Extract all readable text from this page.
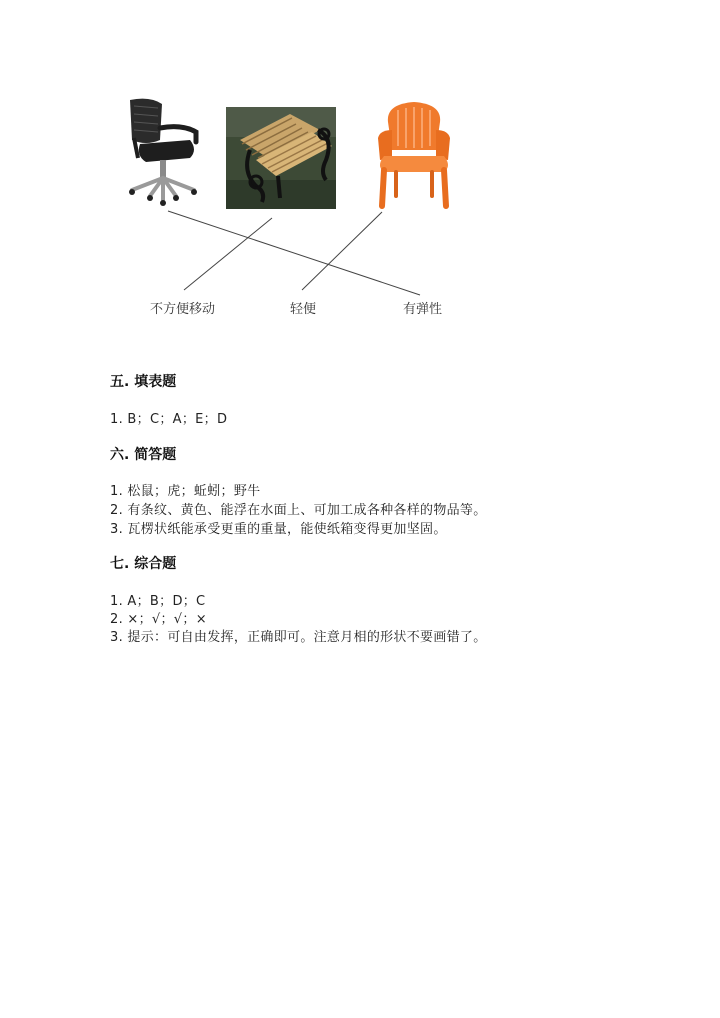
不方便移动	轻便	有弹性
五. 填表题
1. B；C；A；E；D
六. 简答题
1. 松鼠；虎；蚯蚓；野牛
2. 有条纹、黄色、能浮在水面上、可加工成各种各样的物品等。
3. 瓦楞状纸能承受更重的重量，能使纸箱变得更加坚固。
七. 综合题
1. A；B；D；C
2. ×；√；√；×
3. 提示：可自由发挥，正确即可。注意月相的形状不要画错了。
